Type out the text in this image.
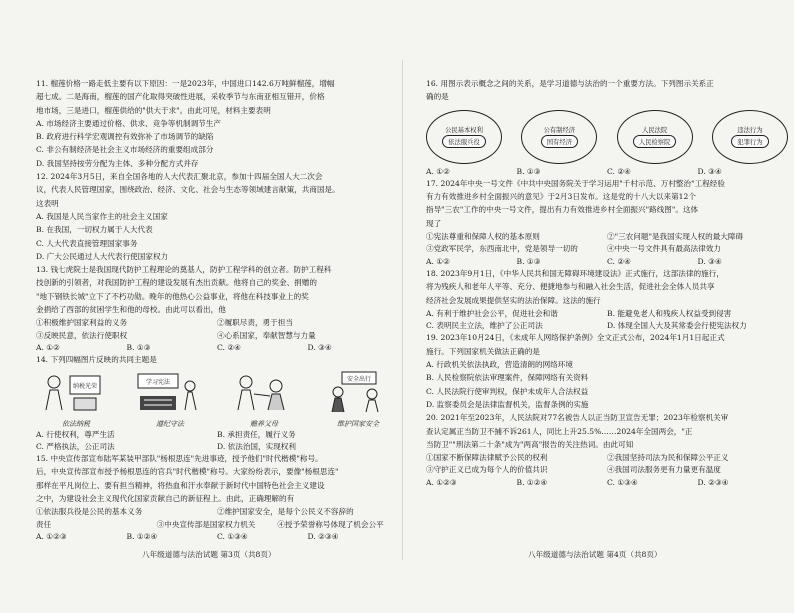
11. 榴莲价格一路走低主要有以下原因：一是2023年，中国进口142.6万吨鲜榴莲，增幅
超七成。二是海南，榴莲的国产化取得突破性进展，采收季节与东南亚相互错开，价格
地市场，三是进口，榴莲供给的"供大于求"。由此可见，材料主要表明
A. 市场经济主要通过价格、供求、竞争等机制调节生产
B. 政府进行科学宏观调控有效弥补了市场调节的缺陷
C. 非公有制经济是社会主义市场经济的重要组成部分
D. 我国坚持按劳分配为主体、多种分配方式并存
12. 2024年3月5日，来自全国各地的人大代表汇聚北京，参加十四届全国人大二次会
议，代表人民管理国家，围绕政治、经济、文化、社会与生态等领域建言献策，共商国是。
这表明
A. 我国是人民当家作主的社会主义国家
B. 在我国，一切权力属于人大代表
C. 人大代表直接管理国家事务
D. 广大公民通过人大代表行使国家权力
13. 钱七虎院士是我国现代防护工程理论的奠基人，防护工程学科的创立者。防护工程科
技创新的引领者，对我国防护工程的建设发展有杰出贡献。他将自己的奖金、捐赠的
"地下钢铁长城"立下了不朽功勋。晚年的他热心公益事业，将他在科技事业上的奖
金捐给了西部的贫困学生和他的母校。由此可以看出，他
①积极维护国家利益的义务	②履职尽责，勇于担当
③反映民意，依法行使职权	④心系国家，奉献智慧与力量
A. ①②	B. ①③	C. ②④	D. ③④
14. 下列四幅图片反映的共同主题是
纳税光荣
依法纳税
学习宪法
遵纪守法	赡养父母
安全出行
维护国家安全
A. 行使权利，尊严生活	B. 承担责任，履行义务
C. 严格执法，公正司法	D. 依法治国，实现权利
15. 中央宣传部宣布陆军某装甲部队"杨根思连"先进事迹，授予他们"时代楷模"称号。
后，中央宣传部宣布授予杨根思连的官兵"时代楷模"称号。大家纷纷表示，要像"杨根思连"
那样在平凡岗位上、要有担当精神，将热血和汗水奉献于新时代中国特色社会主义建设
之中，为建设社会主义现代化国家贡献自己的新征程上。由此，正确理解的有
①依法服兵役是公民的基本义务	②维护国家安全，是每个公民义不容辞的
责任	③中央宣传部是国家权力机关	④授予荣誉称号体现了机会公平
A. ①②③	B. ①②④	C. ①③④	D. ②③④
八年级道德与法治试题 第3页（共8页）
16. 用图示表示概念之间的关系，是学习道德与法治的一个重要方法。下列图示关系正
确的是
公民基本权利
依法服兵役
公有制经济
国有经济
人民法院
人民检察院
违法行为
犯罪行为
A. ①②	B. ①③	C. ②④	D. ③④
17. 2024年中央一号文件《中共中央国务院关于学习运用"千村示范、万村整治"工程经验
有力有效推进乡村全面振兴的意见》于2月3日发布。这是党的十八大以来第12个
指导"三农"工作的中央一号文件，提出有力有效推进乡村全面振兴"路线图"。这体
现了
①宪法尊重和保障人权的基本原则	②"三农问题"是我国实现人权的最大障碍
③党政军民学，东西南北中，党是领导一切的	④中央一号文件具有最高法律效力
A. ①②	B. ①③	C. ②④	D. ③④
18. 2023年9月1日，《中华人民共和国无障碍环境建设法》正式施行，这部法律的施行，
将为残疾人和老年人平等、充分、便捷地参与和融入社会生活，促进社会全体人员共享
经济社会发展成果提供坚实的法治保障。这法的施行
A. 有利于维护社会公平，促进社会和谐	B. 能避免老人和残疾人权益受到侵害
C. 表明民主立法，维护了公正司法	D. 体现全国人大及其常委会行使宪法权力
19. 2023年10月24日，《未成年人网络保护条例》全文正式公布，2024年1月1日起正式
施行。下列国家机关做法正确的是
A. 行政机关依法执政，营造清朗的网络环境
B. 人民检察院依法审理案件，保障网络有关资料
C. 人民法院行使审判权，保护未成年人合法权益
D. 监察委员会是法律监督机关，监督条例的实施
20. 2021年至2023年，人民法院对77名被告人以正当防卫宣告无罪；2023年检察机关审
查认定属正当防卫不捕不诉261人，同比上升25.5%……2024年全国两会，"正
当防卫""刑法第二十条"成为"两高"报告的关注热词。由此可知
①国家不断保障法律赋予公民的权利	②我国坚持司法为民和保障公平正义
③守护正义已成为每个人的价值共识	④我国司法服务更有力量更有温度
A. ①②③	B. ①②④	C. ①③④	D. ②③④
八年级道德与法治试题 第4页（共8页）
